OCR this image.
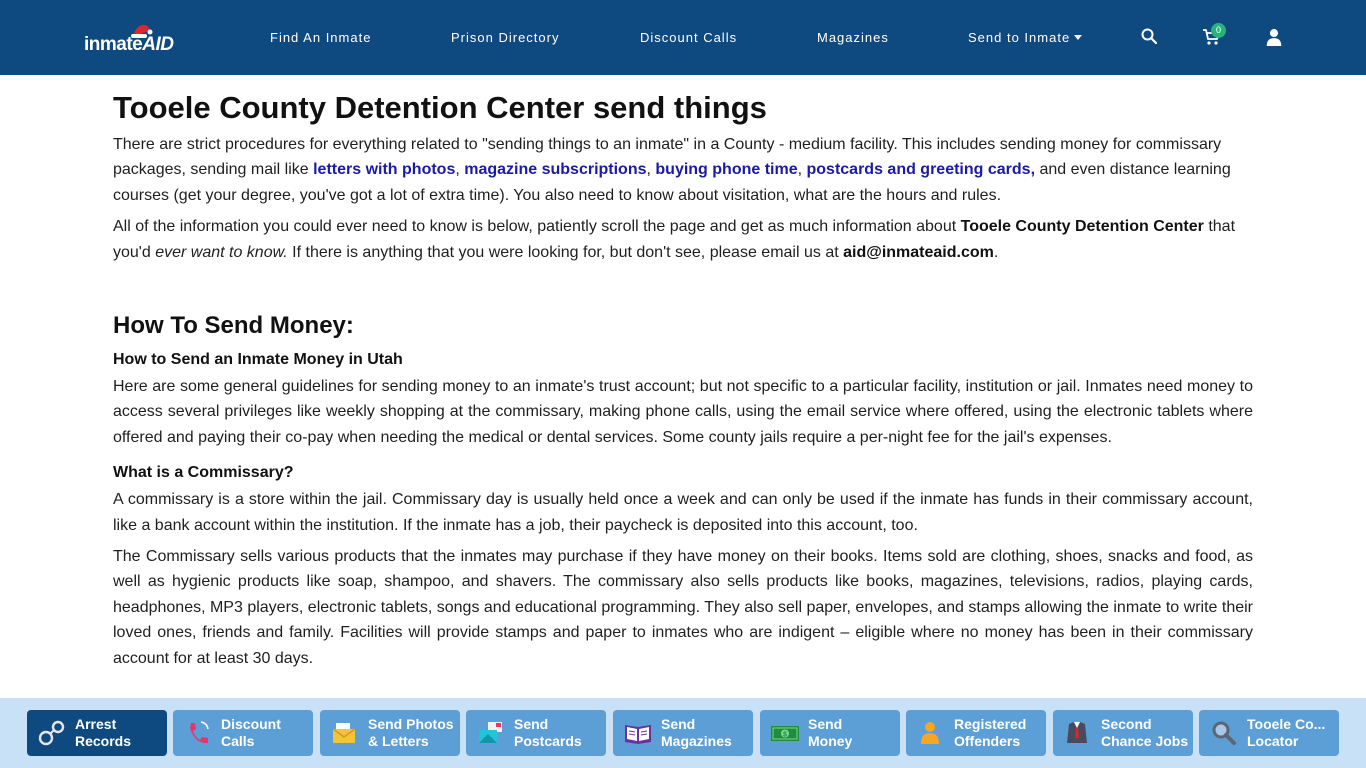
inmateAID	Find An Inmate	Prison Directory	Discount Calls	Magazines	Send to Inmate	0
Tooele County Detention Center send things

There are strict procedures for everything related to "sending things to an inmate" in a County - medium facility. This includes sending money for commissary packages, sending mail like letters with photos, magazine subscriptions, buying phone time, postcards and greeting cards, and even distance learning courses (get your degree, you've got a lot of extra time). You also need to know about visitation, what are the hours and rules.

All of the information you could ever need to know is below, patiently scroll the page and get as much information about Tooele County Detention Center that you'd ever want to know. If there is anything that you were looking for, but don't see, please email us at aid@inmateaid.com.

How To Send Money:
How to Send an Inmate Money in Utah

Here are some general guidelines for sending money to an inmate's trust account; but not specific to a particular facility, institution or jail. Inmates need money to access several privileges like weekly shopping at the commissary, making phone calls, using the email service where offered, using the electronic tablets where offered and paying their co-pay when needing the medical or dental services. Some county jails require a per-night fee for the jail's expenses.

What is a Commissary?

A commissary is a store within the jail. Commissary day is usually held once a week and can only be used if the inmate has funds in their commissary account, like a bank account within the institution. If the inmate has a job, their paycheck is deposited into this account, too.

The Commissary sells various products that the inmates may purchase if they have money on their books. Items sold are clothing, shoes, snacks and food, as well as hygienic products like soap, shampoo, and shavers. The commissary also sells products like books, magazines, televisions, radios, playing cards, headphones, MP3 players, electronic tablets, songs and educational programming. They also sell paper, envelopes, and stamps allowing the inmate to write their loved ones, friends and family. Facilities will provide stamps and paper to inmates who are indigent – eligible where no money has been in their commissary account for at least 30 days.

Arrest
Records
Discount
Calls
Send Photos
& Letters
Send
Postcards
Send
Magazines	$
Send
Money
Registered
Offenders
Second
Chance Jobs
Tooele Co...
Locator
